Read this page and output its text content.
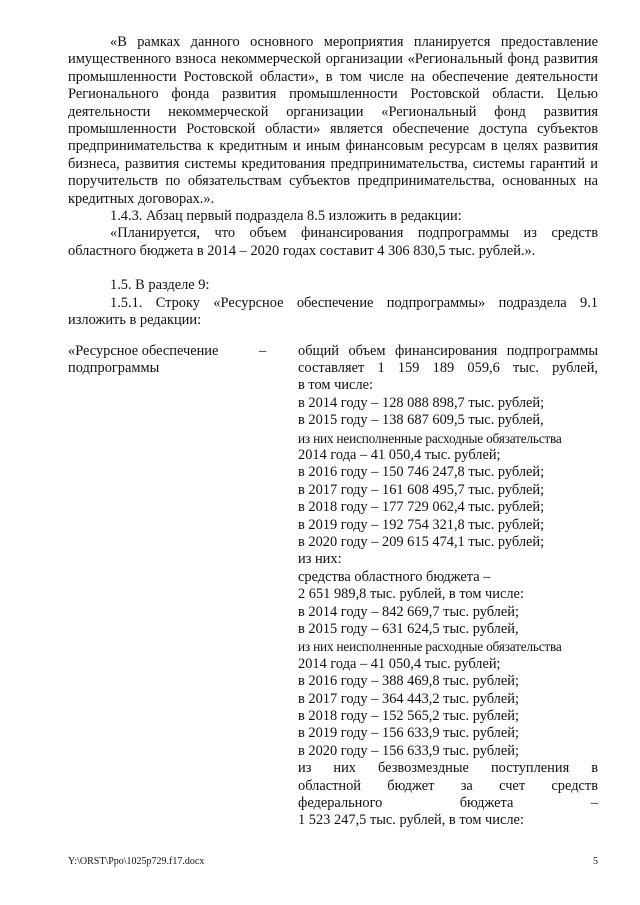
«В рамках данного основного мероприятия планируется предоставление имущественного взноса некоммерческой организации «Региональный фонд развития промышленности Ростовской области», в том числе на обеспечение деятельности Регионального фонда развития промышленности Ростовской области. Целью деятельности некоммерческой организации «Региональный фонд развития промышленности Ростовской области» является обеспечение доступа субъектов предпринимательства к кредитным и иным финансовым ресурсам в целях развития бизнеса, развития системы кредитования предпринимательства, системы гарантий и поручительств по обязательствам субъектов предпринимательства, основанных на кредитных договорах.».

1.4.3. Абзац первый подраздела 8.5 изложить в редакции:

«Планируется, что объем финансирования подпрограммы из средств областного бюджета в 2014 – 2020 годах составит 4 306 830,5 тыс. рублей.».

1.5. В разделе 9:

1.5.1. Строку «Ресурсное обеспечение подпрограммы» подраздела 9.1 изложить в редакции:

«Ресурсное обеспечение подпрограммы
–	общий объем финансирования подпрограммы
составляет 1 159 189 059,6 тыс. рублей,
в том числе:
в 2014 году – 128 088 898,7 тыс. рублей;
в 2015 году – 138 687 609,5 тыс. рублей,
из них неисполненные расходные обязательства
2014 года – 41 050,4 тыс. рублей;
в 2016 году – 150 746 247,8 тыс. рублей;
в 2017 году – 161 608 495,7 тыс. рублей;
в 2018 году – 177 729 062,4 тыс. рублей;
в 2019 году – 192 754 321,8 тыс. рублей;
в 2020 году – 209 615 474,1 тыс. рублей;
из них:
средства областного бюджета –
2 651 989,8 тыс. рублей, в том числе:
в 2014 году – 842 669,7 тыс. рублей;
в 2015 году – 631 624,5 тыс. рублей,
из них неисполненные расходные обязательства
2014 года – 41 050,4 тыс. рублей;
в 2016 году – 388 469,8 тыс. рублей;
в 2017 году – 364 443,2 тыс. рублей;
в 2018 году – 152 565,2 тыс. рублей;
в 2019 году – 156 633,9 тыс. рублей;
в 2020 году – 156 633,9 тыс. рублей;
из них безвозмездные поступления в
областной бюджет за счет средств
федерального бюджета –
1 523 247,5 тыс. рублей, в том числе:
Y:\ORST\Ppo\1025p729.f17.docx	5
